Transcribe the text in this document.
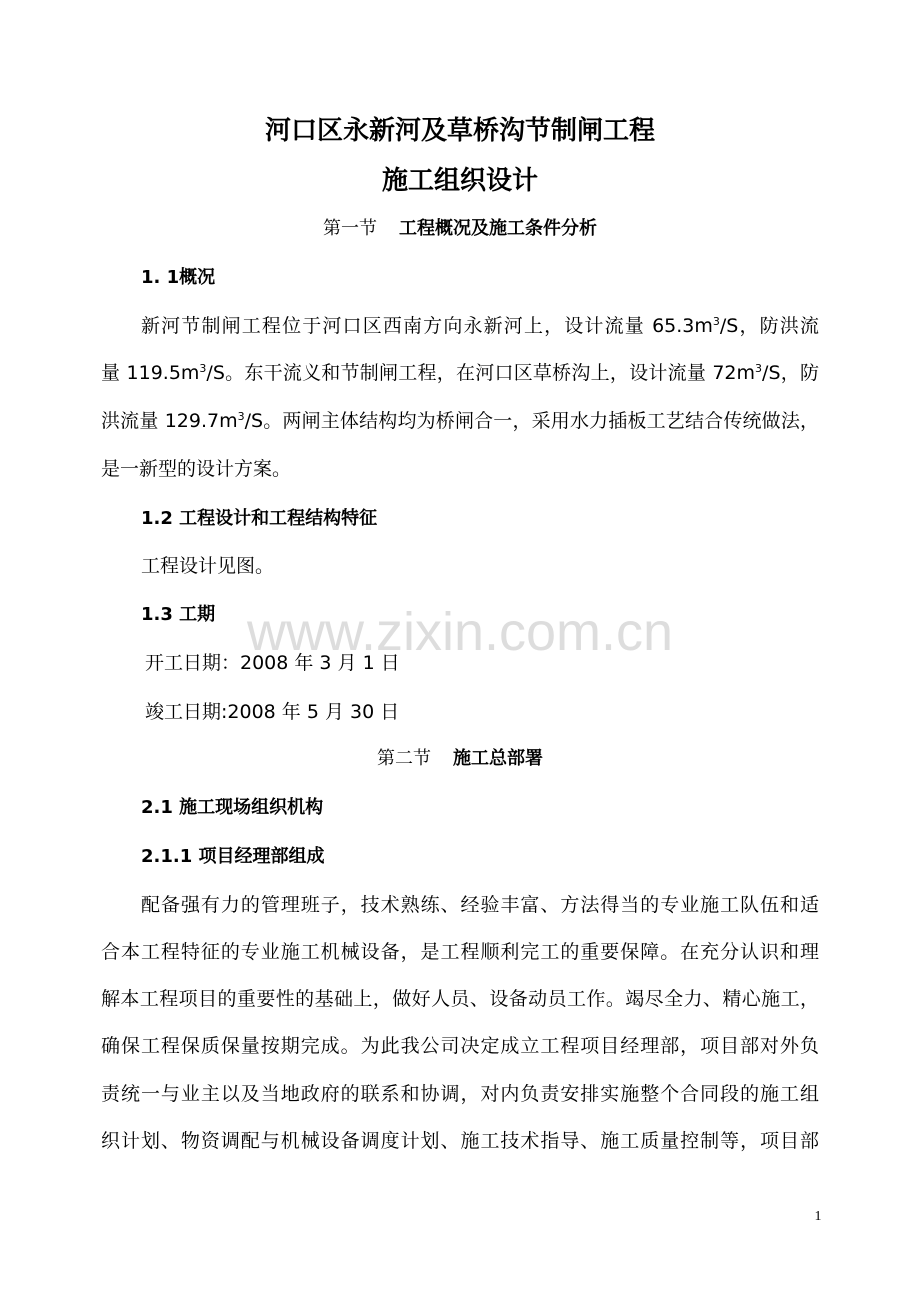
河口区永新河及草桥沟节制闸工程
施工组织设计
第一节 工程概况及施工条件分析
1. 1概况
新河节制闸工程位于河口区西南方向永新河上，设计流量 $65.3m^3/S$，防洪流
量 $119.5m^3/S$。东干流义和节制闸工程，在河口区草桥沟上，设计流量 $72m^3/S$，防
洪流量 $129.7m^3/S$。两闸主体结构均为桥闸合一，采用水力插板工艺结合传统做法，
是一新型的设计方案。
1.2 工程设计和工程结构特征
工程设计见图。
1.3 工期
开工日期：2008 年 3 月 1 日
竣工日期:2008 年 5 月 30 日
第二节 施工总部署
2.1 施工现场组织机构
2.1.1 项目经理部组成
配备强有力的管理班子，技术熟练、经验丰富、方法得当的专业施工队伍和适
合本工程特征的专业施工机械设备，是工程顺利完工的重要保障。在充分认识和理
解本工程项目的重要性的基础上，做好人员、设备动员工作。竭尽全力、精心施工，
确保工程保质保量按期完成。为此我公司决定成立工程项目经理部，项目部对外负
责统一与业主以及当地政府的联系和协调，对内负责安排实施整个合同段的施工组
织计划、物资调配与机械设备调度计划、施工技术指导、施工质量控制等，项目部
www.zixin.com.cn
1
